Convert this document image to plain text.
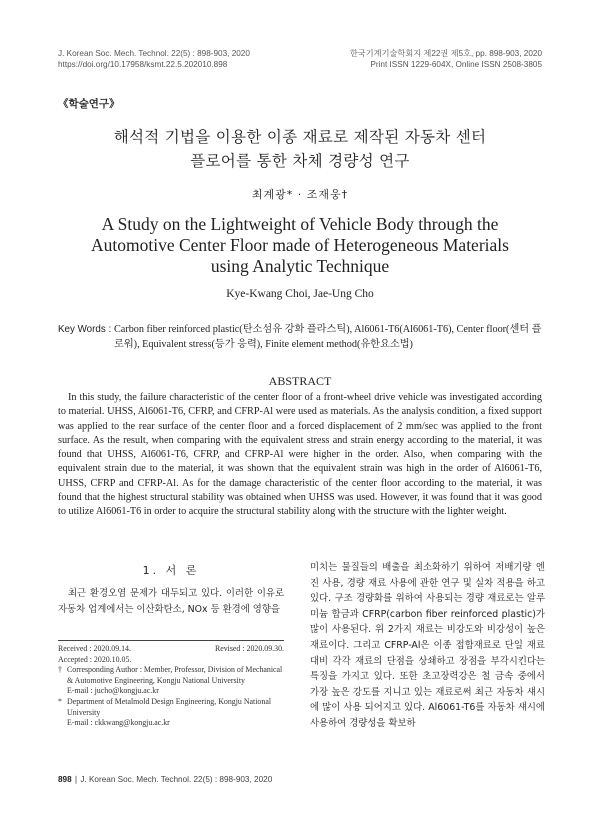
J. Korean Soc. Mech. Technol. 22(5) : 898-903, 2020
https://doi.org/10.17958/ksmt.22.5.202010.898
한국기계기술학회지 제22권 제5호, pp. 898-903, 2020
Print ISSN 1229-604X, Online ISSN 2508-3805
《학술연구》
해석적 기법을 이용한 이종 재료로 제작된 자동차 센터
플로어를 통한 차체 경량성 연구
최계광* · 조재웅†
A Study on the Lightweight of Vehicle Body through the
Automotive Center Floor made of Heterogeneous Materials
using Analytic Technique
Kye-Kwang Choi, Jae-Ung Cho
Key Words : Carbon fiber reinforced plastic(탄소섬유 강화 플라스틱), Al6061-T6(Al6061-T6), Center floor(센터 플로워), Equivalent stress(등가 응력), Finite element method(유한요소법)
ABSTRACT
In this study, the failure characteristic of the center floor of a front-wheel drive vehicle was investigated according to material. UHSS, Al6061-T6, CFRP, and CFRP-Al were used as materials. As the analysis condition, a fixed support was applied to the rear surface of the center floor and a forced displacement of 2 mm/sec was applied to the front surface. As the result, when comparing with the equivalent stress and strain energy according to the material, it was found that UHSS, Al6061-T6, CFRP, and CFRP-Al were higher in the order. Also, when comparing with the equivalent strain due to the material, it was shown that the equivalent strain was high in the order of Al6061-T6, UHSS, CFRP and CFRP-Al. As for the damage characteristic of the center floor according to the material, it was found that the highest structural stability was obtained when UHSS was used. However, it was found that it was good to utilize Al6061-T6 in order to acquire the structural stability along with the structure with the lighter weight.
1. 서 론
최근 환경오염 문제가 대두되고 있다. 이러한 이유로 자동차 업계에서는 이산화탄소, NOx 등 환경에 영향을
Received : 2020.09.14.	Revised : 2020.09.30.
Accepted : 2020.10.05.
† Corresponding Author : Member, Professor, Division of Mechanical & Automotive Engineering, Kongju National University
E-mail : jucho@kongju.ac.kr
* Department of Metalmold Design Engineering, Kongju National University
E-mail : ckkwang@kongju.ac.kr
미치는 물질들의 배출을 최소화하기 위하여 저배기량 엔진 사용, 경량 재료 사용에 관한 연구 및 실차 적용을 하고 있다. 구조 경량화를 위하여 사용되는 경량 재료로는 알루미늄 합금과 CFRP(carbon fiber reinforced plastic)가 많이 사용된다. 위 2가지 재료는 비강도와 비강성이 높은 재료이다. 그리고 CFRP-Al은 이종 접합재료로 단일 재료 대비 각각 재료의 단점을 상쇄하고 장점을 부각시킨다는 특징을 가지고 있다. 또한 초고장력강은 철 금속 중에서 가장 높은 강도를 지니고 있는 재료로써 최근 자동차 섀시에 많이 사용 되어지고 있다. Al6061-T6를 자동차 섀시에 사용하여 경량성을 확보하
898 ∥ J. Korean Soc. Mech. Technol. 22(5) : 898-903, 2020
